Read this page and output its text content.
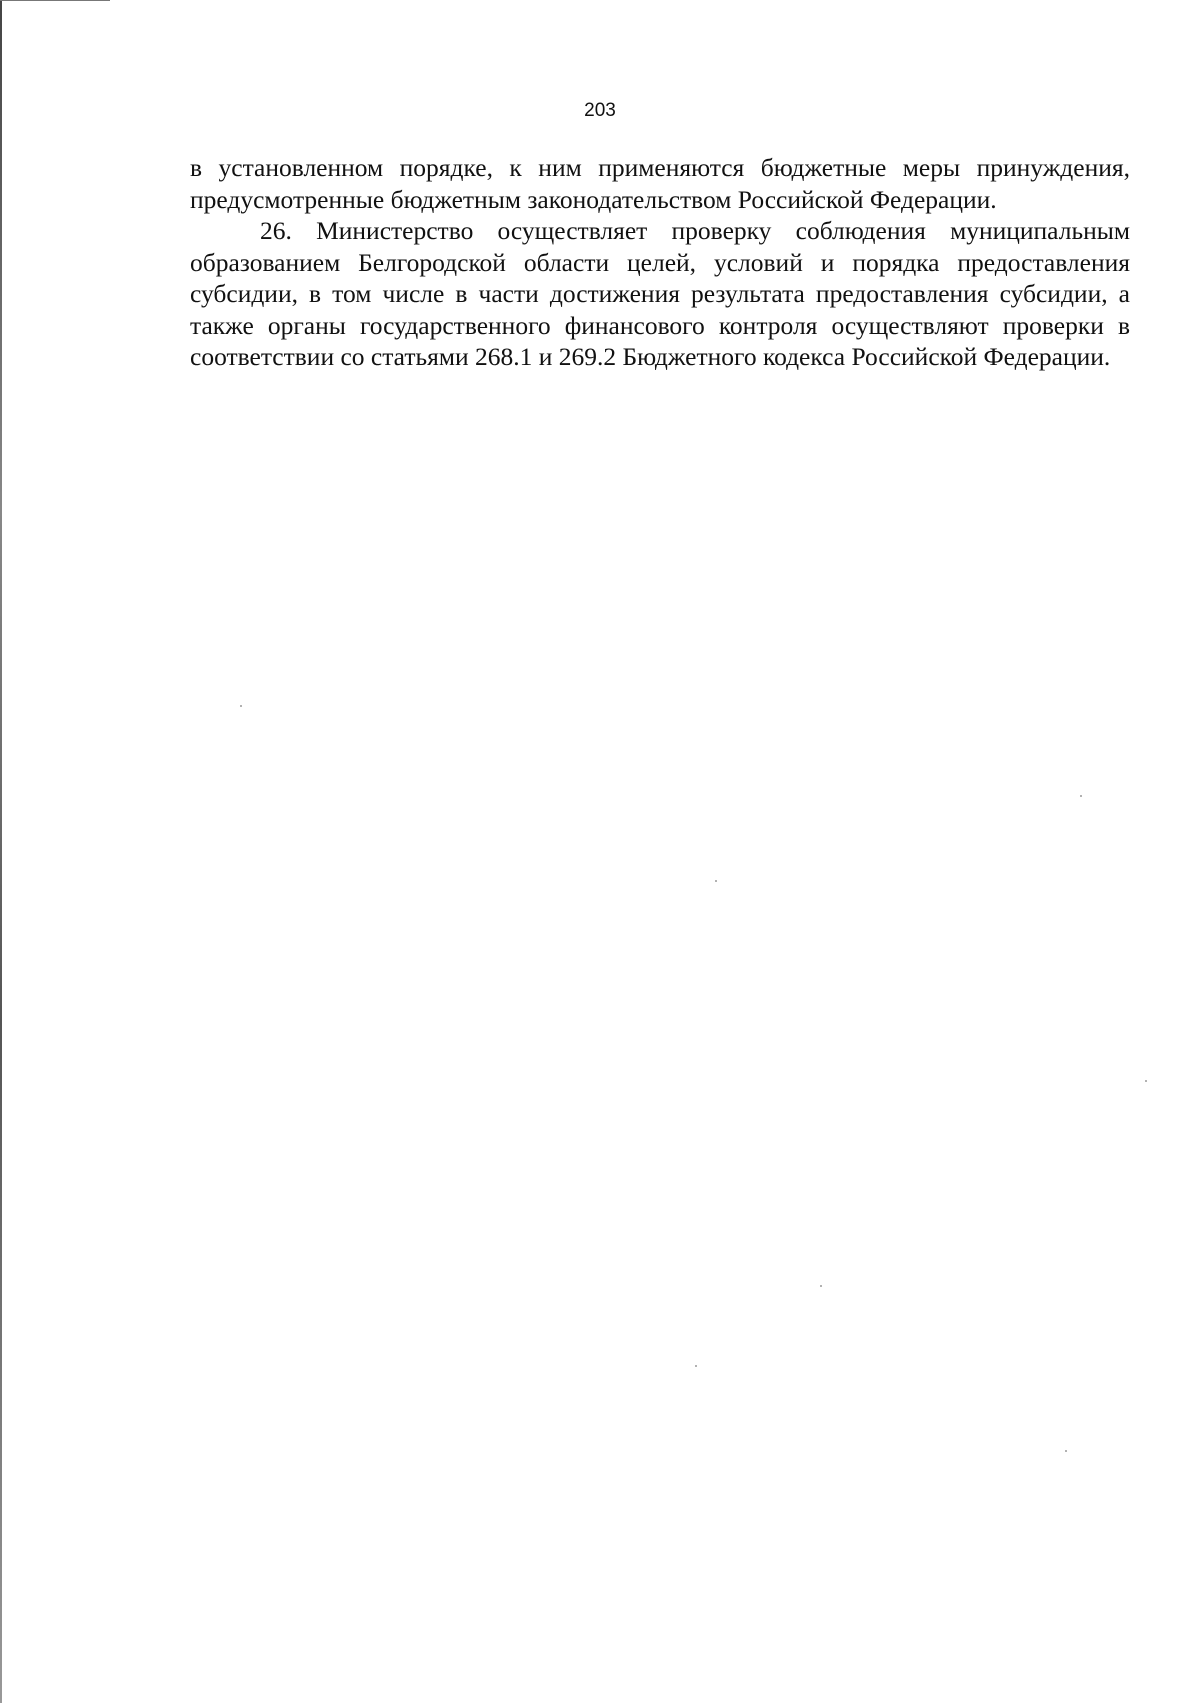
203

в установленном порядке, к ним применяются бюджетные меры принуждения, предусмотренные бюджетным законодательством Российской Федерации.

26. Министерство осуществляет проверку соблюдения муниципальным образованием Белгородской области целей, условий и порядка предоставления субсидии, в том числе в части достижения результата предоставления субсидии, а также органы государственного финансового контроля осуществляют проверки в соответствии со статьями 268.1 и 269.2 Бюджетного кодекса Российской Федерации.
